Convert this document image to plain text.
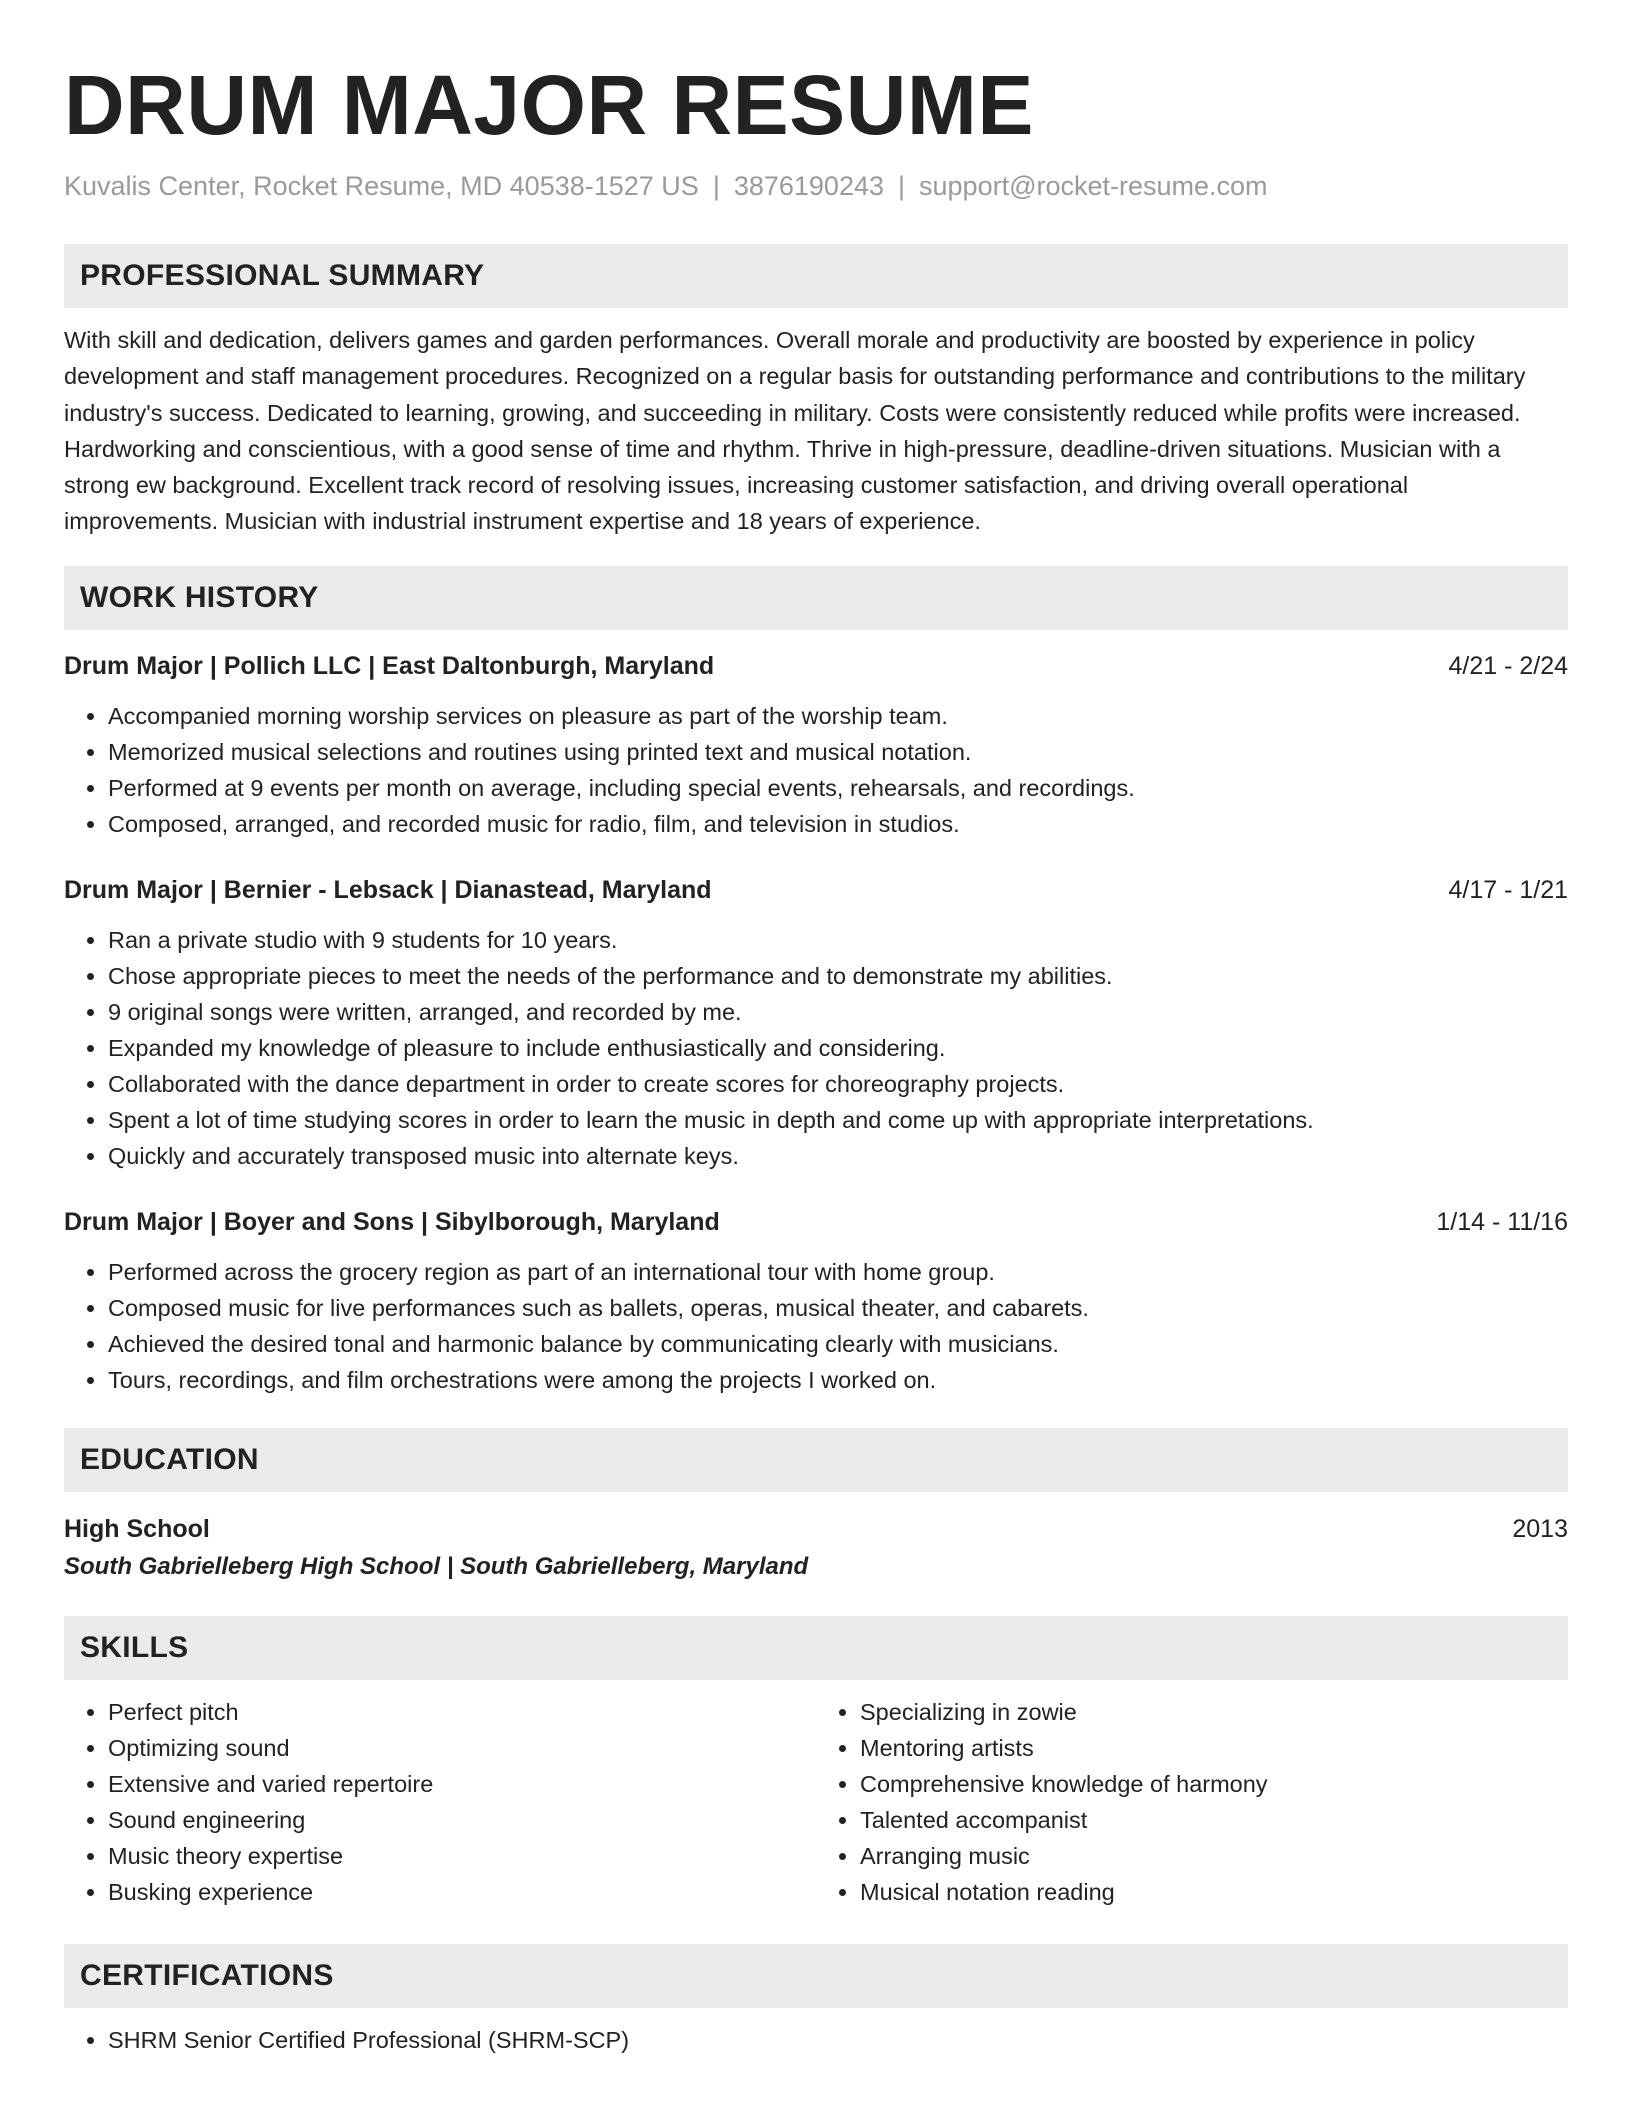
DRUM MAJOR RESUME
Kuvalis Center, Rocket Resume, MD 40538-1527 US | 3876190243 | support@rocket-resume.com
PROFESSIONAL SUMMARY
With skill and dedication, delivers games and garden performances. Overall morale and productivity are boosted by experience in policy development and staff management procedures. Recognized on a regular basis for outstanding performance and contributions to the military industry's success. Dedicated to learning, growing, and succeeding in military. Costs were consistently reduced while profits were increased. Hardworking and conscientious, with a good sense of time and rhythm. Thrive in high-pressure, deadline-driven situations. Musician with a strong ew background. Excellent track record of resolving issues, increasing customer satisfaction, and driving overall operational improvements. Musician with industrial instrument expertise and 18 years of experience.
WORK HISTORY
Drum Major | Pollich LLC | East Daltonburgh, Maryland	4/21 - 2/24
• Accompanied morning worship services on pleasure as part of the worship team.
• Memorized musical selections and routines using printed text and musical notation.
• Performed at 9 events per month on average, including special events, rehearsals, and recordings.
• Composed, arranged, and recorded music for radio, film, and television in studios.
Drum Major | Bernier - Lebsack | Dianastead, Maryland	4/17 - 1/21
• Ran a private studio with 9 students for 10 years.
• Chose appropriate pieces to meet the needs of the performance and to demonstrate my abilities.
• 9 original songs were written, arranged, and recorded by me.
• Expanded my knowledge of pleasure to include enthusiastically and considering.
• Collaborated with the dance department in order to create scores for choreography projects.
• Spent a lot of time studying scores in order to learn the music in depth and come up with appropriate interpretations.
• Quickly and accurately transposed music into alternate keys.
Drum Major | Boyer and Sons | Sibylborough, Maryland	1/14 - 11/16
• Performed across the grocery region as part of an international tour with home group.
• Composed music for live performances such as ballets, operas, musical theater, and cabarets.
• Achieved the desired tonal and harmonic balance by communicating clearly with musicians.
• Tours, recordings, and film orchestrations were among the projects I worked on.
EDUCATION
High School	2013
South Gabrielleberg High School | South Gabrielleberg, Maryland
SKILLS
• Perfect pitch
• Optimizing sound
• Extensive and varied repertoire
• Sound engineering
• Music theory expertise
• Busking experience
• Specializing in zowie
• Mentoring artists
• Comprehensive knowledge of harmony
• Talented accompanist
• Arranging music
• Musical notation reading
CERTIFICATIONS
• SHRM Senior Certified Professional (SHRM-SCP)
